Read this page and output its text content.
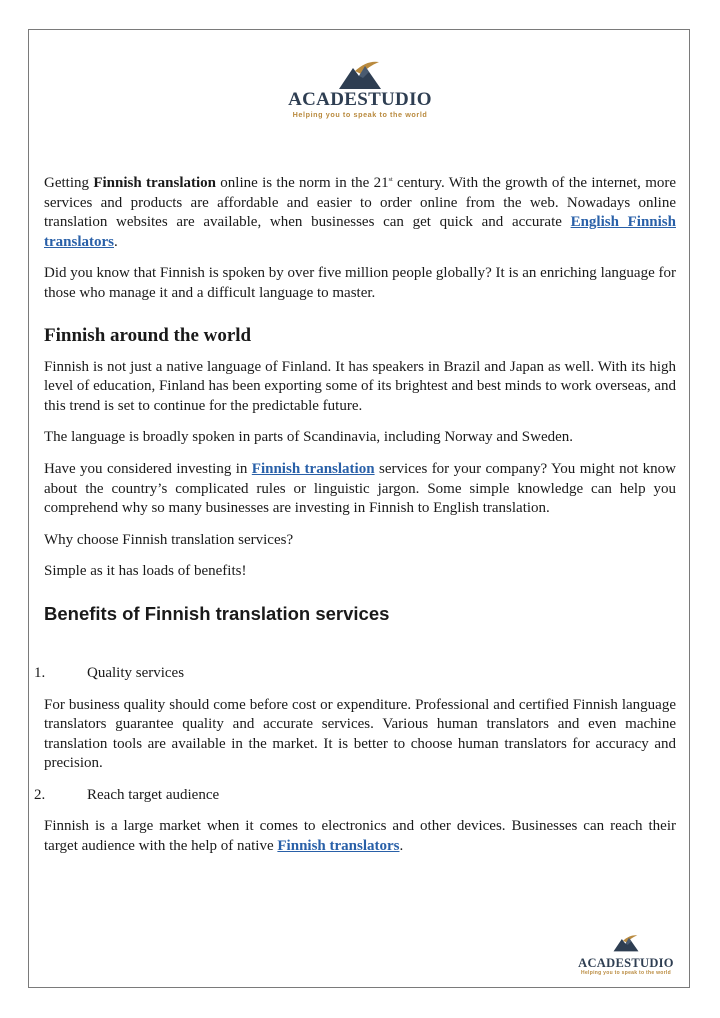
ACADESTUDIO
Helping you to speak to the world

Getting Finnish translation online is the norm in the 21st century. With the growth of the internet, more services and products are affordable and easier to order online from the web. Nowadays online translation websites are available, when businesses can get quick and accurate English Finnish translators.

Did you know that Finnish is spoken by over five million people globally? It is an enriching language for those who manage it and a difficult language to master.

Finnish around the world

Finnish is not just a native language of Finland. It has speakers in Brazil and Japan as well. With its high level of education, Finland has been exporting some of its brightest and best minds to work overseas, and this trend is set to continue for the predictable future.

The language is broadly spoken in parts of Scandinavia, including Norway and Sweden.

Have you considered investing in Finnish translation services for your company? You might not know about the country’s complicated rules or linguistic jargon. Some simple knowledge can help you comprehend why so many businesses are investing in Finnish to English translation.

Why choose Finnish translation services?

Simple as it has loads of benefits!

Benefits of Finnish translation services
1.	Quality services

For business quality should come before cost or expenditure. Professional and certified Finnish language translators guarantee quality and accurate services. Various human translators and even machine translation tools are available in the market. It is better to choose human translators for accuracy and precision.

2.	Reach target audience

Finnish is a large market when it comes to electronics and other devices. Businesses can reach their target audience with the help of native Finnish translators.

ACADESTUDIO
Helping you to speak to the world
